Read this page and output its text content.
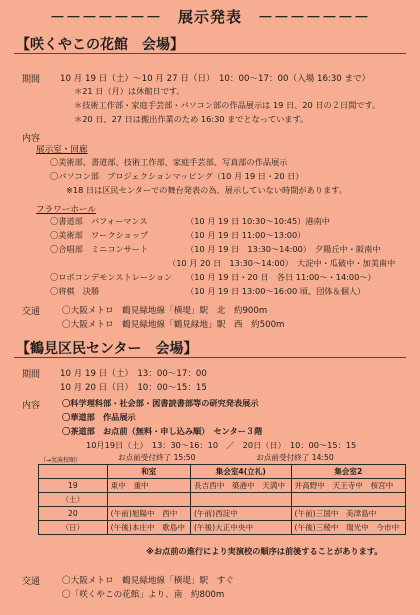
－－－－－－－　展示発表　－－－－－－－
【咲くやこの花館　会場】
期間 10 月 19 日（土）〜10 月 27 日（日）　10：00〜17：00（入場 16:30 まで）
＊21 日（月）は休館日です。
＊技術工作部・家庭手芸部・パソコン部の作品展示は 19 日、20 日の２日間です。
＊20 日、27 日は搬出作業のため 16:30 までとなっています。
内容
展示室・回廊
〇美術部、書道部、技術工作部、家庭手芸部、写真部の作品展示
〇パソコン部　プロジェクションマッピング（10 月 19 日・20 日）
※18 日は区民センターでの舞台発表の為、展示していない時間があります。
フラワーホール
〇書道部　パフォーマンス	（10 月 19 日 10:30〜10:45）港南中
〇美術部　ワークショップ	（10 月 19 日 11:00〜13:00）
〇合唱部　ミニコンサート	（10 月 19 日　13:30〜14:00）　夕陽丘中・阪南中
（10 月 20 日　13:30〜14:00）　大淀中・瓜破中・加美南中
〇ロボコンデモンストレーション （10 月 19 日・20 日　各日 11:00〜・14:00〜）
〇将棋　決勝	（10 月 19 日 13:00〜16:00 頃、団体＆個人）
交通	〇大阪メトロ　鶴見緑地線「横堤」駅　北　約900m
〇大阪メトロ　鶴見緑地線「鶴見緑地」駅　西　約500m
【鶴見区民センター　会場】
期間 10 月 19 日（土）　13：00〜17：00
10 月 20 日（日）　10：00〜15：15
内容	〇科学理科部・社会部・図書読書部等の研究発表展示
〇華道部　作品展示
〇茶道部　お点前（無料・申し込み順）　センター３階
10月19日（土）　13：30〜16：10　／　20日（日）　10：00〜15：15
お点前受付終了 15:50　　　　　　　　お点前受付終了 14:50
（→実演校順）
	和室	集会室4(立礼)	集会室2
19	東中　重中	長吉西中　築港中　天満中	井高野中　天王寺中　桜宮中
（土）			
20	(午前)旭陽中　西中	(午前)西淀中	(午前)三国中　美津島中
（日）	(午後)本庄中　歌島中	(午後)大正中央中	(午後)三稜中　瑞光中　今市中
※お点前の進行により実演校の順序は前後することがあります。
交通	〇大阪メトロ　鶴見緑地線「横堤」駅　すぐ
〇「咲くやこの花館」より、南　約800m
